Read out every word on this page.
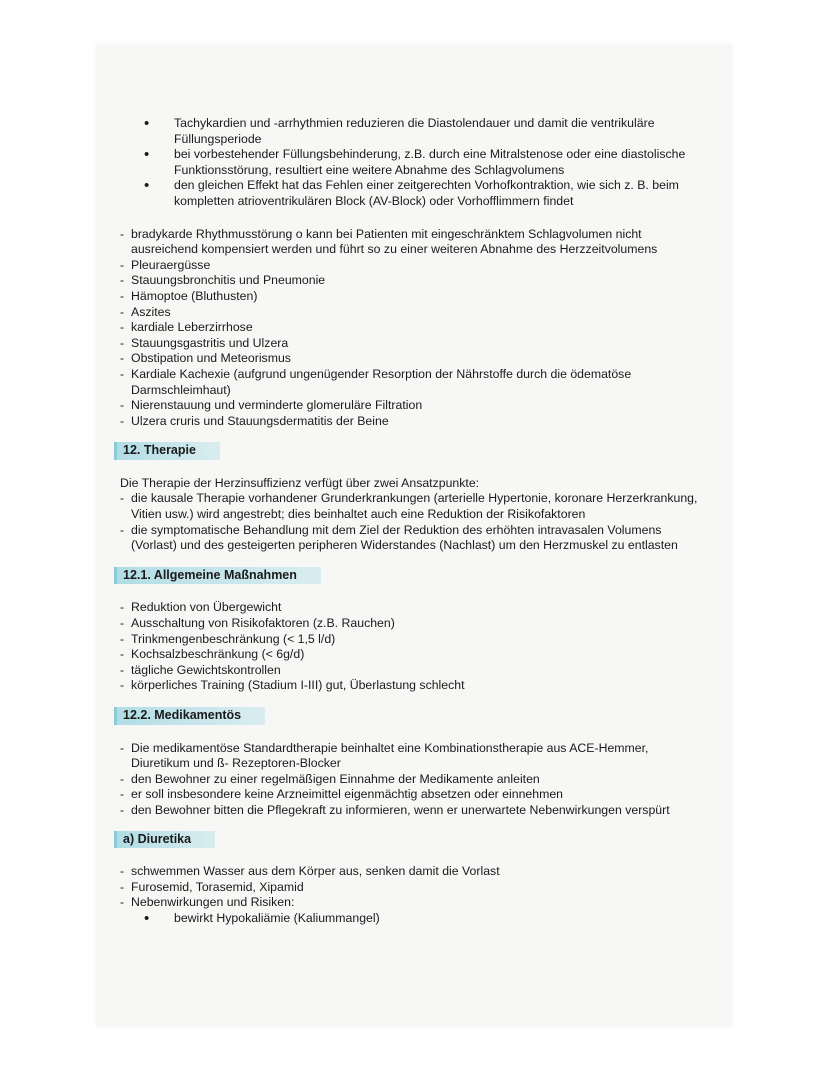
• Tachykardien und -arrhythmien reduzieren die Diastolendauer und damit die ventrikuläre Füllungsperiode
• bei vorbestehender Füllungsbehinderung, z.B. durch eine Mitralstenose oder eine diastolische Funktionsstörung, resultiert eine weitere Abnahme des Schlagvolumens
• den gleichen Effekt hat das Fehlen einer zeitgerechten Vorhofkontraktion, wie sich z. B. beim kompletten atrioventrikulären Block (AV-Block) oder Vorhofflimmern findet
- bradykarde Rhythmusstörung o kann bei Patienten mit eingeschränktem Schlagvolumen nicht ausreichend kompensiert werden und führt so zu einer weiteren Abnahme des Herzzeitvolumens
- Pleuraergüsse
- Stauungsbronchitis und Pneumonie
- Hämoptoe (Bluthusten)
- Aszites
- kardiale Leberzirrhose
- Stauungsgastritis und Ulzera
- Obstipation und Meteorismus
- Kardiale Kachexie (aufgrund ungenügender Resorption der Nährstoffe durch die ödematöse Darmschleimhaut)
- Nierenstauung und verminderte glomeruläre Filtration
- Ulzera cruris und Stauungsdermatitis der Beine
12. Therapie

Die Therapie der Herzinsuffizienz verfügt über zwei Ansatzpunkte:

- die kausale Therapie vorhandener Grunderkrankungen (arterielle Hypertonie, koronare Herzerkrankung, Vitien usw.) wird angestrebt; dies beinhaltet auch eine Reduktion der Risikofaktoren
- die symptomatische Behandlung mit dem Ziel der Reduktion des erhöhten intravasalen Volumens (Vorlast) und des gesteigerten peripheren Widerstandes (Nachlast) um den Herzmuskel zu entlasten
12.1. Allgemeine Maßnahmen
- Reduktion von Übergewicht
- Ausschaltung von Risikofaktoren (z.B. Rauchen)
- Trinkmengenbeschränkung (< 1,5 l/d)
- Kochsalzbeschränkung (< 6g/d)
- tägliche Gewichtskontrollen
- körperliches Training (Stadium I-III) gut, Überlastung schlecht
12.2. Medikamentös
- Die medikamentöse Standardtherapie beinhaltet eine Kombinationstherapie aus ACE-Hemmer, Diuretikum und ß- Rezeptoren-Blocker
- den Bewohner zu einer regelmäßigen Einnahme der Medikamente anleiten
- er soll insbesondere keine Arzneimittel eigenmächtig absetzen oder einnehmen
- den Bewohner bitten die Pflegekraft zu informieren, wenn er unerwartete Nebenwirkungen verspürt
a) Diuretika
- schwemmen Wasser aus dem Körper aus, senken damit die Vorlast
- Furosemid, Torasemid, Xipamid
- Nebenwirkungen und Risiken:
• bewirkt Hypokaliämie (Kaliummangel)
